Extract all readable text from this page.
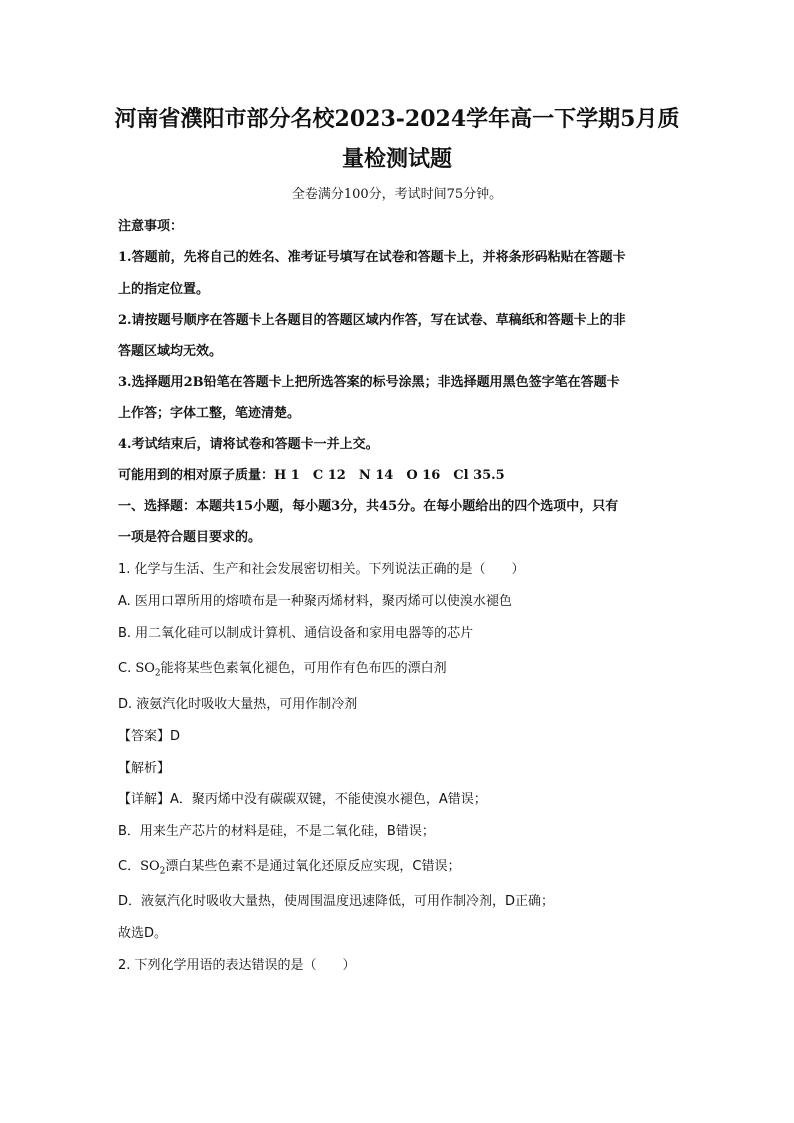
河南省濮阳市部分名校2023-2024学年高一下学期5月质
量检测试题
全卷满分100分，考试时间75分钟。
注意事项：
1.答题前，先将自己的姓名、准考证号填写在试卷和答题卡上，并将条形码粘贴在答题卡
上的指定位置。
2.请按题号顺序在答题卡上各题目的答题区域内作答，写在试卷、草稿纸和答题卡上的非
答题区域均无效。
3.选择题用2B铅笔在答题卡上把所选答案的标号涂黑；非选择题用黑色签字笔在答题卡
上作答；字体工整，笔迹清楚。
4.考试结束后，请将试卷和答题卡一并上交。
可能用到的相对原子质量：H 1　C 12　N 14　O 16　Cl 35.5
一、选择题：本题共15小题，每小题3分，共45分。在每小题给出的四个选项中，只有
一项是符合题目要求的。
1. 化学与生活、生产和社会发展密切相关。下列说法正确的是（　　）
A. 医用口罩所用的熔喷布是一种聚丙烯材料，聚丙烯可以使溴水褪色
B. 用二氧化硅可以制成计算机、通信设备和家用电器等的芯片
C. $SO_2$能将某些色素氧化褪色，可用作有色布匹的漂白剂
D. 液氨汽化时吸收大量热，可用作制冷剂
【答案】D
【解析】
【详解】A．聚丙烯中没有碳碳双键，不能使溴水褪色，A错误；
B．用来生产芯片的材料是硅，不是二氧化硅，B错误；
C．$SO_2$漂白某些色素不是通过氧化还原反应实现，C错误；
D．液氨汽化时吸收大量热，使周围温度迅速降低，可用作制冷剂，D正确；
故选D。
2. 下列化学用语的表达错误的是（　　）
